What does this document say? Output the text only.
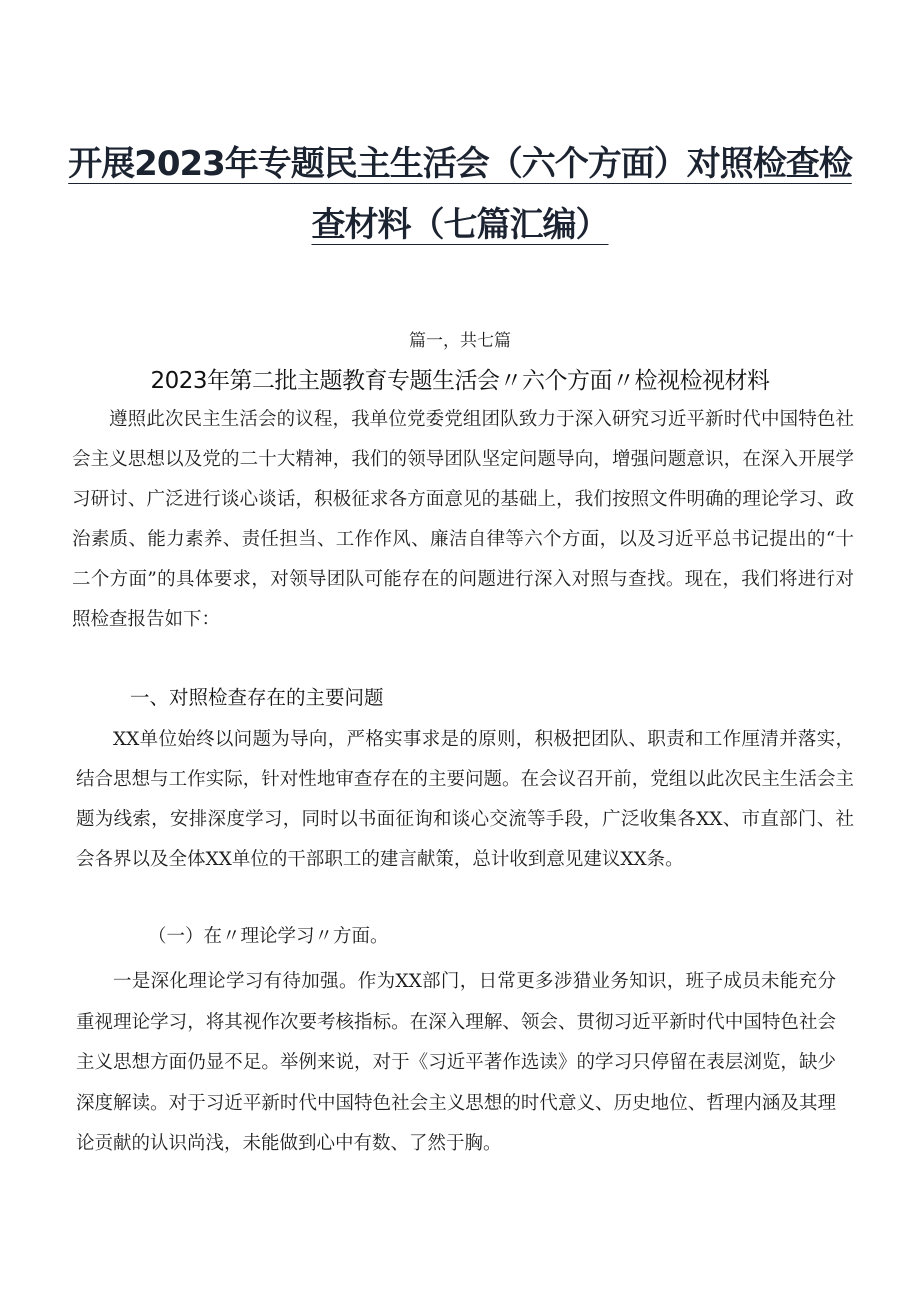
开展2023年专题民主生活会（六个方面）对照检查检
查材料（七篇汇编）
篇一，共七篇
2023年第二批主题教育专题生活会〃六个方面〃检视检视材料

遵照此次民主生活会的议程，我单位党委党组团队致力于深入研究习近平新时代中国特色社会主义思想以及党的二十大精神，我们的领导团队坚定问题导向，增强问题意识，在深入开展学习研讨、广泛进行谈心谈话，积极征求各方面意见的基础上，我们按照文件明确的理论学习、政治素质、能力素养、责任担当、工作作风、廉洁自律等六个方面，以及习近平总书记提出的“十二个方面”的具体要求，对领导团队可能存在的问题进行深入对照与查找。现在，我们将进行对照检查报告如下：

一、对照检查存在的主要问题

XX单位始终以问题为导向，严格实事求是的原则，积极把团队、职责和工作厘清并落实，结合思想与工作实际，针对性地审查存在的主要问题。在会议召开前，党组以此次民主生活会主题为线索，安排深度学习，同时以书面征询和谈心交流等手段，广泛收集各XX、市直部门、社会各界以及全体XX单位的干部职工的建言献策，总计收到意见建议XX条。

（一）在〃理论学习〃方面。

一是深化理论学习有待加强。作为XX部门，日常更多涉猎业务知识，班子成员未能充分重视理论学习，将其视作次要考核指标。在深入理解、领会、贯彻习近平新时代中国特色社会主义思想方面仍显不足。举例来说，对于《习近平著作选读》的学习只停留在表层浏览，缺少深度解读。对于习近平新时代中国特色社会主义思想的时代意义、历史地位、哲理内涵及其理论贡献的认识尚浅，未能做到心中有数、了然于胸。
